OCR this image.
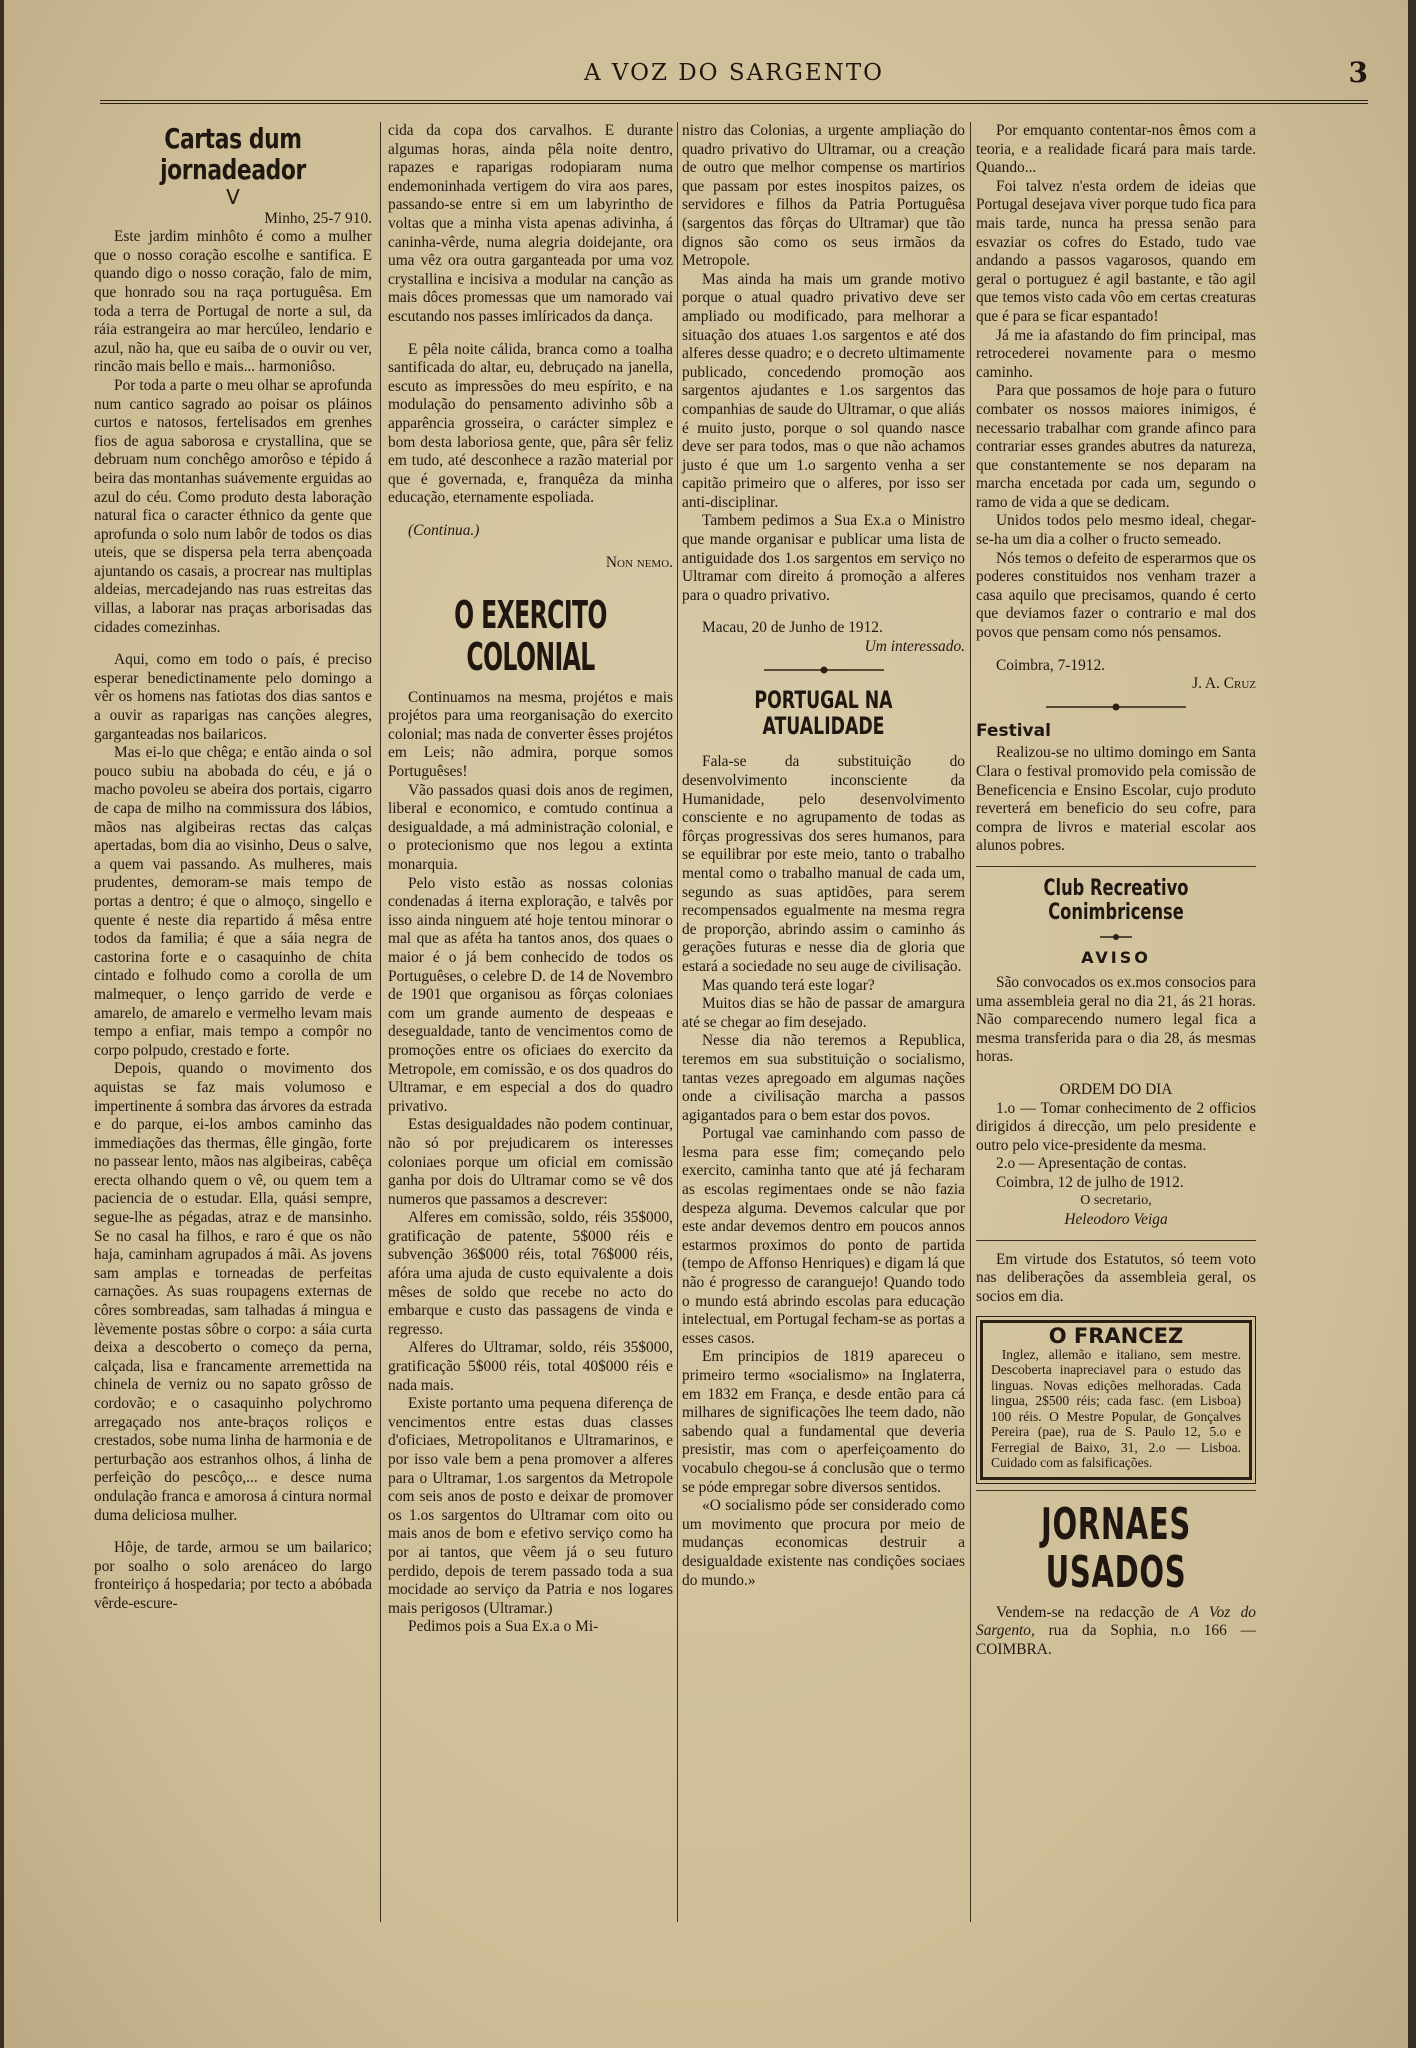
A VOZ DO SARGENTO	3
Cartas dum jornadeador
V

Minho, 25-7 910.

Este jardim minhôto é como a mulher que o nosso coração escolhe e santifica. E quando digo o nosso coração, falo de mim, que honrado sou na raça portuguêsa. Em toda a terra de Portugal de norte a sul, da ráia estrangeira ao mar hercúleo, lendario e azul, não ha, que eu saiba de o ouvir ou ver, rincão mais bello e mais... harmoniôso.

Por toda a parte o meu olhar se aprofunda num cantico sagrado ao poisar os pláinos curtos e natosos, fertelisados em grenhes fios de agua saborosa e crystallina, que se debruam num conchêgo amorôso e tépido á beira das montanhas suávemente erguidas ao azul do céu. Como produto desta laboração natural fica o caracter éthnico da gente que aprofunda o solo num labôr de todos os dias uteis, que se dispersa pela terra abençoada ajuntando os casais, a procrear nas multiplas aldeias, mercadejando nas ruas estreitas das villas, a laborar nas praças arborisadas das cidades comezinhas.

Aqui, como em todo o país, é preciso esperar benedictinamente pelo domingo a vêr os homens nas fatiotas dos dias santos e a ouvir as raparigas nas canções alegres, garganteadas nos bailaricos.

Mas ei-lo que chêga; e então ainda o sol pouco subiu na abobada do céu, e já o macho povoleu se abeira dos portais, cigarro de capa de milho na commissura dos lábios, mãos nas algibeiras rectas das calças apertadas, bom dia ao visinho, Deus o salve, a quem vai passando. As mulheres, mais prudentes, demoram-se mais tempo de portas a dentro; é que o almoço, singello e quente é neste dia repartido á mêsa entre todos da familia; é que a sáia negra de castorina forte e o casaquinho de chita cintado e folhudo como a corolla de um malmequer, o lenço garrido de verde e amarelo, de amarelo e vermelho levam mais tempo a enfiar, mais tempo a compôr no corpo polpudo, crestado e forte.

Depois, quando o movimento dos aquistas se faz mais volumoso e impertinente á sombra das árvores da estrada e do parque, ei-los ambos caminho das immediações das thermas, êlle gingão, forte no passear lento, mãos nas algibeiras, cabêça erecta olhando quem o vê, ou quem tem a paciencia de o estudar. Ella, quási sempre, segue-lhe as pégadas, atraz e de mansinho. Se no casal ha filhos, e raro é que os não haja, caminham agrupados á mãi. As jovens sam amplas e torneadas de perfeitas carnações. As suas roupagens externas de côres sombreadas, sam talhadas á mingua e lèvemente postas sôbre o corpo: a sáia curta deixa a descoberto o começo da perna, calçada, lisa e francamente arremettida na chinela de verniz ou no sapato grôsso de cordovão; e o casaquinho polychromo arregaçado nos ante-braços roliços e crestados, sobe numa linha de harmonia e de perturbação aos estranhos olhos, á linha de perfeição do pescôço,... e desce numa ondulação franca e amorosa á cintura normal duma deliciosa mulher.

Hôje, de tarde, armou se um bailarico; por soalho o solo arenáceo do largo fronteiriço á hospedaria; por tecto a abóbada vêrde-escure-

cida da copa dos carvalhos. E durante algumas horas, ainda pêla noite dentro, rapazes e raparigas rodopiaram numa endemoninhada vertigem do vira aos pares, passando-se entre si em um labyrintho de voltas que a minha vista apenas adivinha, á caninha-vêrde, numa alegria doidejante, ora uma vêz ora outra garganteada por uma voz crystallina e incisiva a modular na canção as mais dôces promessas que um namorado vai escutando nos passes imlíricados da dança.

E pêla noite cálida, branca como a toalha santificada do altar, eu, debruçado na janella, escuto as impressões do meu espírito, e na modulação do pensamento adivinho sôb a apparência grosseira, o carácter simplez e bom desta laboriosa gente, que, pâra sêr feliz em tudo, até desconhece a razão material por que é governada, e, franquêza da minha educação, eternamente espoliada.

(Continua.)

Non nemo.

O EXERCITO COLONIAL

Continuamos na mesma, projétos e mais projétos para uma reorganisação do exercito colonial; mas nada de converter êsses projétos em Leis; não admira, porque somos Portuguêses!

Vão passados quasi dois anos de regimen, liberal e economico, e comtudo continua a desigualdade, a má administração colonial, e o protecionismo que nos legou a extinta monarquia.

Pelo visto estão as nossas colonias condenadas á iterna exploração, e talvês por isso ainda ninguem até hoje tentou minorar o mal que as aféta ha tantos anos, dos quaes o maior é o já bem conhecido de todos os Portuguêses, o celebre D. de 14 de Novembro de 1901 que organisou as fôrças coloniaes com um grande aumento de despeaas e desegualdade, tanto de vencimentos como de promoções entre os oficiaes do exercito da Metropole, em comissão, e os dos quadros do Ultramar, e em especial a dos do quadro privativo.

Estas desigualdades não podem continuar, não só por prejudicarem os interesses coloniaes porque um oficial em comissão ganha por dois do Ultramar como se vê dos numeros que passamos a descrever:

Alferes em comissão, soldo, réis 35$000, gratificação de patente, 5$000 réis e subvenção 36$000 réis, total 76$000 réis, afóra uma ajuda de custo equivalente a dois mêses de soldo que recebe no acto do embarque e custo das passagens de vinda e regresso.

Alferes do Ultramar, soldo, réis 35$000, gratificação 5$000 réis, total 40$000 réis e nada mais.

Existe portanto uma pequena diferença de vencimentos entre estas duas classes d'oficiaes, Metropolitanos e Ultramarinos, e por isso vale bem a pena promover a alferes para o Ultramar, 1.os sargentos da Metropole com seis anos de posto e deixar de promover os 1.os sargentos do Ultramar com oito ou mais anos de bom e efetivo serviço como ha por ai tantos, que vêem já o seu futuro perdido, depois de terem passado toda a sua mocidade ao serviço da Patria e nos logares mais perigosos (Ultramar.)

Pedimos pois a Sua Ex.a o Mi-

nistro das Colonias, a urgente ampliação do quadro privativo do Ultramar, ou a creação de outro que melhor compense os martirios que passam por estes inospitos paizes, os servidores e filhos da Patria Portuguêsa (sargentos das fôrças do Ultramar) que tão dignos são como os seus irmãos da Metropole.

Mas ainda ha mais um grande motivo porque o atual quadro privativo deve ser ampliado ou modificado, para melhorar a situação dos atuaes 1.os sargentos e até dos alferes desse quadro; e o decreto ultimamente publicado, concedendo promoção aos sargentos ajudantes e 1.os sargentos das companhias de saude do Ultramar, o que aliás é muito justo, porque o sol quando nasce deve ser para todos, mas o que não achamos justo é que um 1.o sargento venha a ser capitão primeiro que o alferes, por isso ser anti-disciplinar.

Tambem pedimos a Sua Ex.a o Ministro que mande organisar e publicar uma lista de antiguidade dos 1.os sargentos em serviço no Ultramar com direito á promoção a alferes para o quadro privativo.

Macau, 20 de Junho de 1912.

Um interessado.

PORTUGAL NA ATUALIDADE

Fala-se da substituição do desenvolvimento inconsciente da Humanidade, pelo desenvolvimento consciente e no agrupamento de todas as fôrças progressivas dos seres humanos, para se equilibrar por este meio, tanto o trabalho mental como o trabalho manual de cada um, segundo as suas aptidões, para serem recompensados egualmente na mesma regra de proporção, abrindo assim o caminho ás gerações futuras e nesse dia de gloria que estará a sociedade no seu auge de civilisação.

Mas quando terá este logar?

Muitos dias se hão de passar de amargura até se chegar ao fim desejado.

Nesse dia não teremos a Republica, teremos em sua substituição o socialismo, tantas vezes apregoado em algumas nações onde a civilisação marcha a passos agigantados para o bem estar dos povos.

Portugal vae caminhando com passo de lesma para esse fim; começando pelo exercito, caminha tanto que até já fecharam as escolas regimentaes onde se não fazia despeza alguma. Devemos calcular que por este andar devemos dentro em poucos annos estarmos proximos do ponto de partida (tempo de Affonso Henriques) e digam lá que não é progresso de caranguejo! Quando todo o mundo está abrindo escolas para educação intelectual, em Portugal fecham-se as portas a esses casos.

Em principios de 1819 apareceu o primeiro termo «socialismo» na Inglaterra, em 1832 em França, e desde então para cá milhares de significações lhe teem dado, não sabendo qual a fundamental que deveria presistir, mas com o aperfeiçoamento do vocabulo chegou-se á conclusão que o termo se póde empregar sobre diversos sentidos.

«O socialismo póde ser considerado como um movimento que procura por meio de mudanças economicas destruir a desigualdade existente nas condições sociaes do mundo.»

Por emquanto contentar-nos êmos com a teoria, e a realidade ficará para mais tarde. Quando...

Foi talvez n'esta ordem de ideias que Portugal desejava viver porque tudo fica para mais tarde, nunca ha pressa senão para esvaziar os cofres do Estado, tudo vae andando a passos vagarosos, quando em geral o portuguez é agil bastante, e tão agil que temos visto cada vôo em certas creaturas que é para se ficar espantado!

Já me ia afastando do fim principal, mas retrocederei novamente para o mesmo caminho.

Para que possamos de hoje para o futuro combater os nossos maiores inimigos, é necessario trabalhar com grande afinco para contrariar esses grandes abutres da natureza, que constantemente se nos deparam na marcha encetada por cada um, segundo o ramo de vida a que se dedicam.

Unidos todos pelo mesmo ideal, chegar-se-ha um dia a colher o fructo semeado.

Nós temos o defeito de esperarmos que os poderes constituidos nos venham trazer a casa aquilo que precisamos, quando é certo que deviamos fazer o contrario e mal dos povos que pensam como nós pensamos.

Coimbra, 7-1912.

J. A. Cruz

Festival

Realizou-se no ultimo domingo em Santa Clara o festival promovido pela comissão de Beneficencia e Ensino Escolar, cujo produto reverterá em beneficio do seu cofre, para compra de livros e material escolar aos alunos pobres.

Club Recreativo Conimbricense
AVISO

São convocados os ex.mos consocios para uma assembleia geral no dia 21, ás 21 horas. Não comparecendo numero legal fica a mesma transferida para o dia 28, ás mesmas horas.

ORDEM DO DIA

1.o — Tomar conhecimento de 2 officios dirigidos á direcção, um pelo presidente e outro pelo vice-presidente da mesma.

2.o — Apresentação de contas.

Coimbra, 12 de julho de 1912.

O secretario,

Heleodoro Veiga

Em virtude dos Estatutos, só teem voto nas deliberações da assembleia geral, os socios em dia.

O FRANCEZ

Inglez, allemão e italiano, sem mestre. Descoberta inapreciavel para o estudo das linguas. Novas edições melhoradas. Cada lingua, 2$500 réis; cada fasc. (em Lisboa) 100 réis. O Mestre Popular, de Gonçalves Pereira (pae), rua de S. Paulo 12, 5.o e Ferregial de Baixo, 31, 2.o — Lisboa. Cuidado com as falsificações.

JORNAES USADOS

Vendem-se na redacção de A Voz do Sargento, rua da Sophia, n.o 166 —COIMBRA.
